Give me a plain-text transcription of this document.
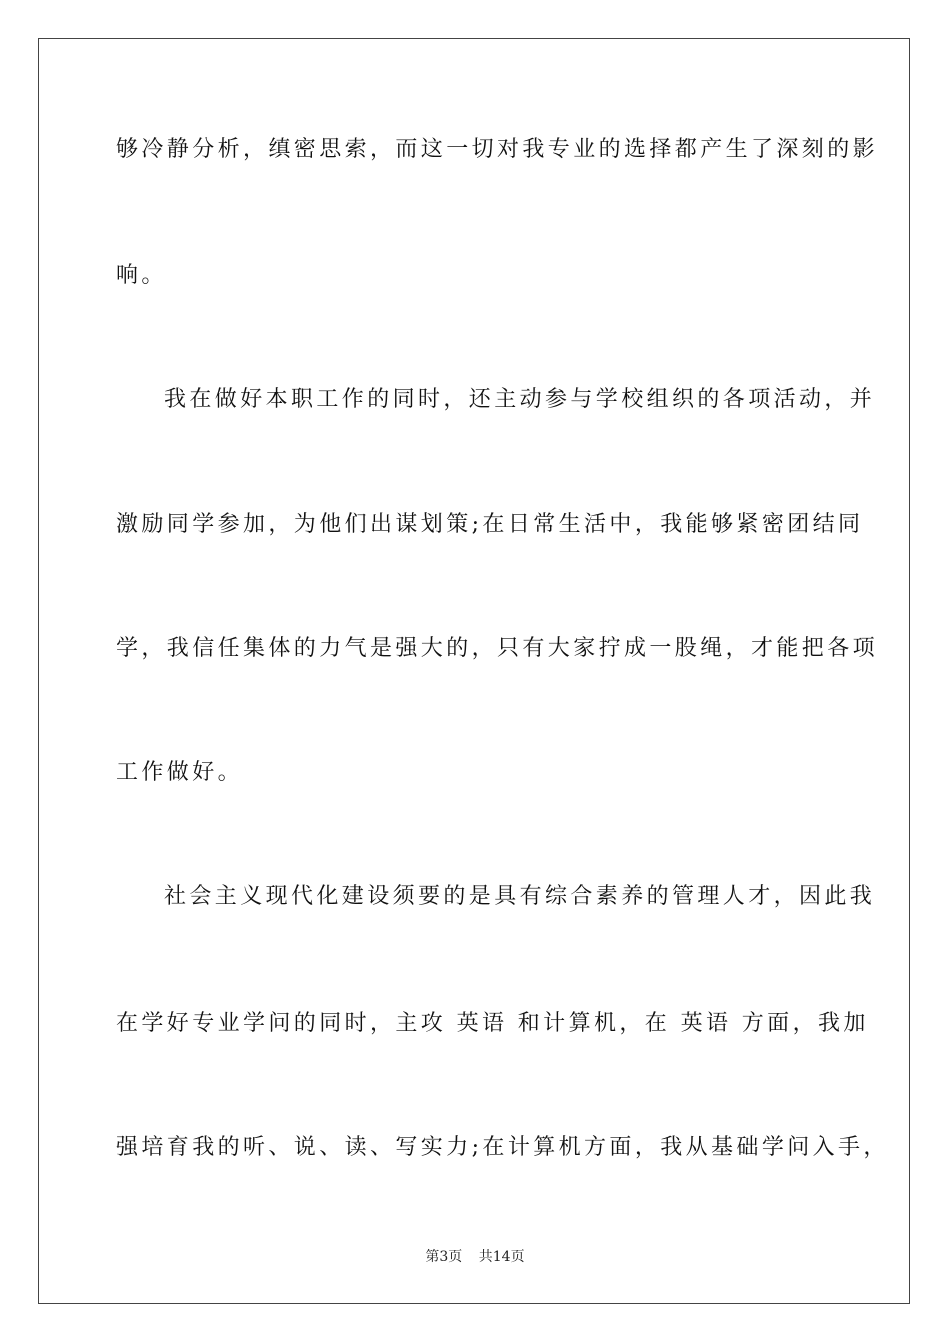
够冷静分析，缜密思索，而这一切对我专业的选择都产生了深刻的影
响。
我在做好本职工作的同时，还主动参与学校组织的各项活动，并
激励同学参加，为他们出谋划策;在日常生活中，我能够紧密团结同
学，我信任集体的力气是强大的，只有大家拧成一股绳，才能把各项
工作做好。
社会主义现代化建设须要的是具有综合素养的管理人才，因此我
在学好专业学问的同时，主攻 英语 和计算机，在 英语 方面，我加
强培育我的听、说、读、写实力;在计算机方面，我从基础学问入手，
第3页 共14页
